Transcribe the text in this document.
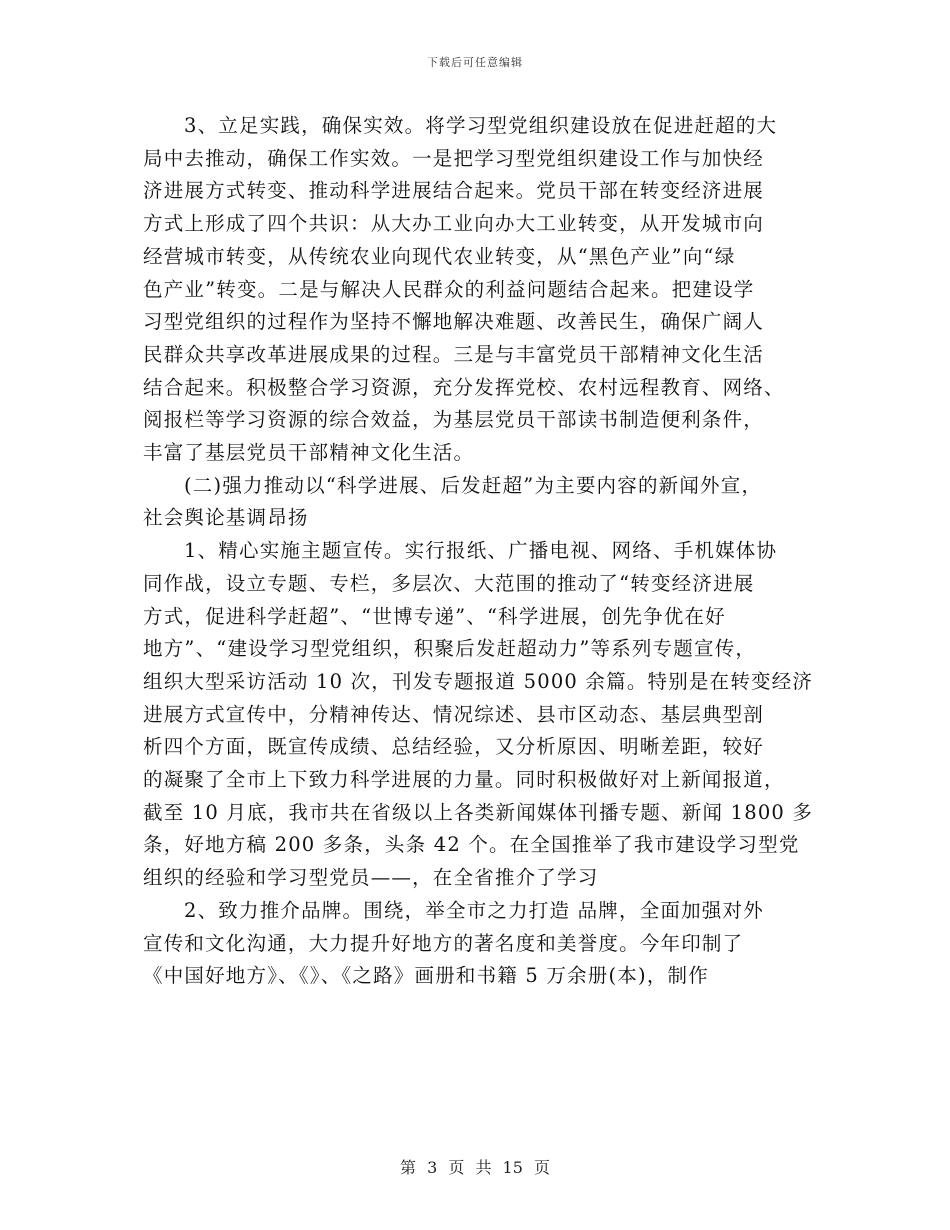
下载后可任意编辑

3、立足实践，确保实效。将学习型党组织建设放在促进赶超的大
局中去推动，确保工作实效。一是把学习型党组织建设工作与加快经
济进展方式转变、推动科学进展结合起来。党员干部在转变经济进展
方式上形成了四个共识：从大办工业向办大工业转变，从开发城市向
经营城市转变，从传统农业向现代农业转变，从“黑色产业”向“绿
色产业”转变。二是与解决人民群众的利益问题结合起来。把建设学
习型党组织的过程作为坚持不懈地解决难题、改善民生，确保广阔人
民群众共享改革进展成果的过程。三是与丰富党员干部精神文化生活
结合起来。积极整合学习资源，充分发挥党校、农村远程教育、网络、
阅报栏等学习资源的综合效益，为基层党员干部读书制造便利条件，
丰富了基层党员干部精神文化生活。

(二)强力推动以“科学进展、后发赶超”为主要内容的新闻外宣，
社会舆论基调昂扬

1、精心实施主题宣传。实行报纸、广播电视、网络、手机媒体协
同作战，设立专题、专栏，多层次、大范围的推动了“转变经济进展
方式，促进科学赶超”、“世博专递”、“科学进展，创先争优在好
地方”、“建设学习型党组织，积聚后发赶超动力”等系列专题宣传，
组织大型采访活动 10 次，刊发专题报道 5000 余篇。特别是在转变经济
进展方式宣传中，分精神传达、情况综述、县市区动态、基层典型剖
析四个方面，既宣传成绩、总结经验，又分析原因、明晰差距，较好
的凝聚了全市上下致力科学进展的力量。同时积极做好对上新闻报道，
截至 10 月底，我市共在省级以上各类新闻媒体刊播专题、新闻 1800 多
条，好地方稿 200 多条，头条 42 个。在全国推举了我市建设学习型党
组织的经验和学习型党员——，在全省推介了学习

2、致力推介品牌。围绕，举全市之力打造 品牌，全面加强对外
宣传和文化沟通，大力提升好地方的著名度和美誉度。今年印制了
《中国好地方》、《》、《之路》画册和书籍 5 万余册(本)，制作

第 3 页 共 15 页
